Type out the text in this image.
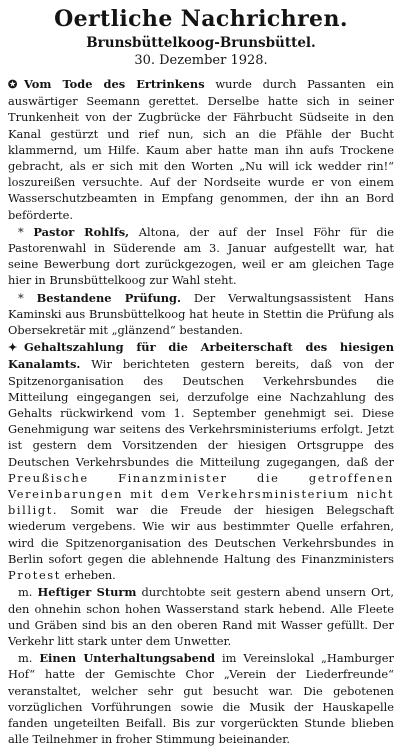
Oertliche Nachrichren.
Brunsbüttelkoog-Brunsbüttel.
30. Dezember 1928.

✪ Vom Tode des Ertrinkens wurde durch Passanten ein auswärtiger Seemann gerettet. Derselbe hatte sich in seiner Trunkenheit von der Zugbrücke der Fährbucht Südseite in den Kanal gestürzt und rief nun, sich an die Pfähle der Bucht klammernd, um Hilfe. Kaum aber hatte man ihn aufs Trockene gebracht, als er sich mit den Worten „Nu will ick wedder rin!“ loszureißen versuchte. Auf der Nordseite wurde er von einem Wasserschutzbeamten in Empfang genommen, der ihn an Bord beförderte.

* Pastor Rohlfs, Altona, der auf der Insel Föhr für die Pastorenwahl in Süderende am 3. Januar aufgestellt war, hat seine Bewerbung dort zurückgezogen, weil er am gleichen Tage hier in Brunsbüttelkoog zur Wahl steht.

* Bestandene Prüfung. Der Verwaltungsassistent Hans Kaminski aus Brunsbüttelkoog hat heute in Stettin die Prüfung als Obersekretär mit „glänzend“ bestanden.

✦ Gehaltszahlung für die Arbeiterschaft des hiesigen Kanalamts. Wir berichteten gestern bereits, daß von der Spitzenorganisation des Deutschen Verkehrsbundes die Mitteilung eingegangen sei, derzufolge eine Nachzahlung des Gehalts rückwirkend vom 1. September genehmigt sei. Diese Genehmigung war seitens des Verkehrsministeriums erfolgt. Jetzt ist gestern dem Vorsitzenden der hiesigen Ortsgruppe des Deutschen Verkehrsbundes die Mitteilung zugegangen, daß der Preußische Finanzminister die getroffenen Vereinbarungen mit dem Verkehrsministerium nicht billigt. Somit war die Freude der hiesigen Belegschaft wiederum vergebens. Wie wir aus bestimmter Quelle erfahren, wird die Spitzenorganisation des Deutschen Verkehrsbundes in Berlin sofort gegen die ablehnende Haltung des Finanzministers Protest erheben.

m. Heftiger Sturm durchtobte seit gestern abend unsern Ort, den ohnehin schon hohen Wasserstand stark hebend. Alle Fleete und Gräben sind bis an den oberen Rand mit Wasser gefüllt. Der Verkehr litt stark unter dem Unwetter.

m. Einen Unterhaltungsabend im Vereinslokal „Hamburger Hof“ hatte der Gemischte Chor „Verein der Liederfreunde“ veranstaltet, welcher sehr gut besucht war. Die gebotenen vorzüglichen Vorführungen sowie die Musik der Hauskapelle fanden ungeteilten Beifall. Bis zur vorgerückten Stunde blieben alle Teilnehmer in froher Stimmung beieinander.
